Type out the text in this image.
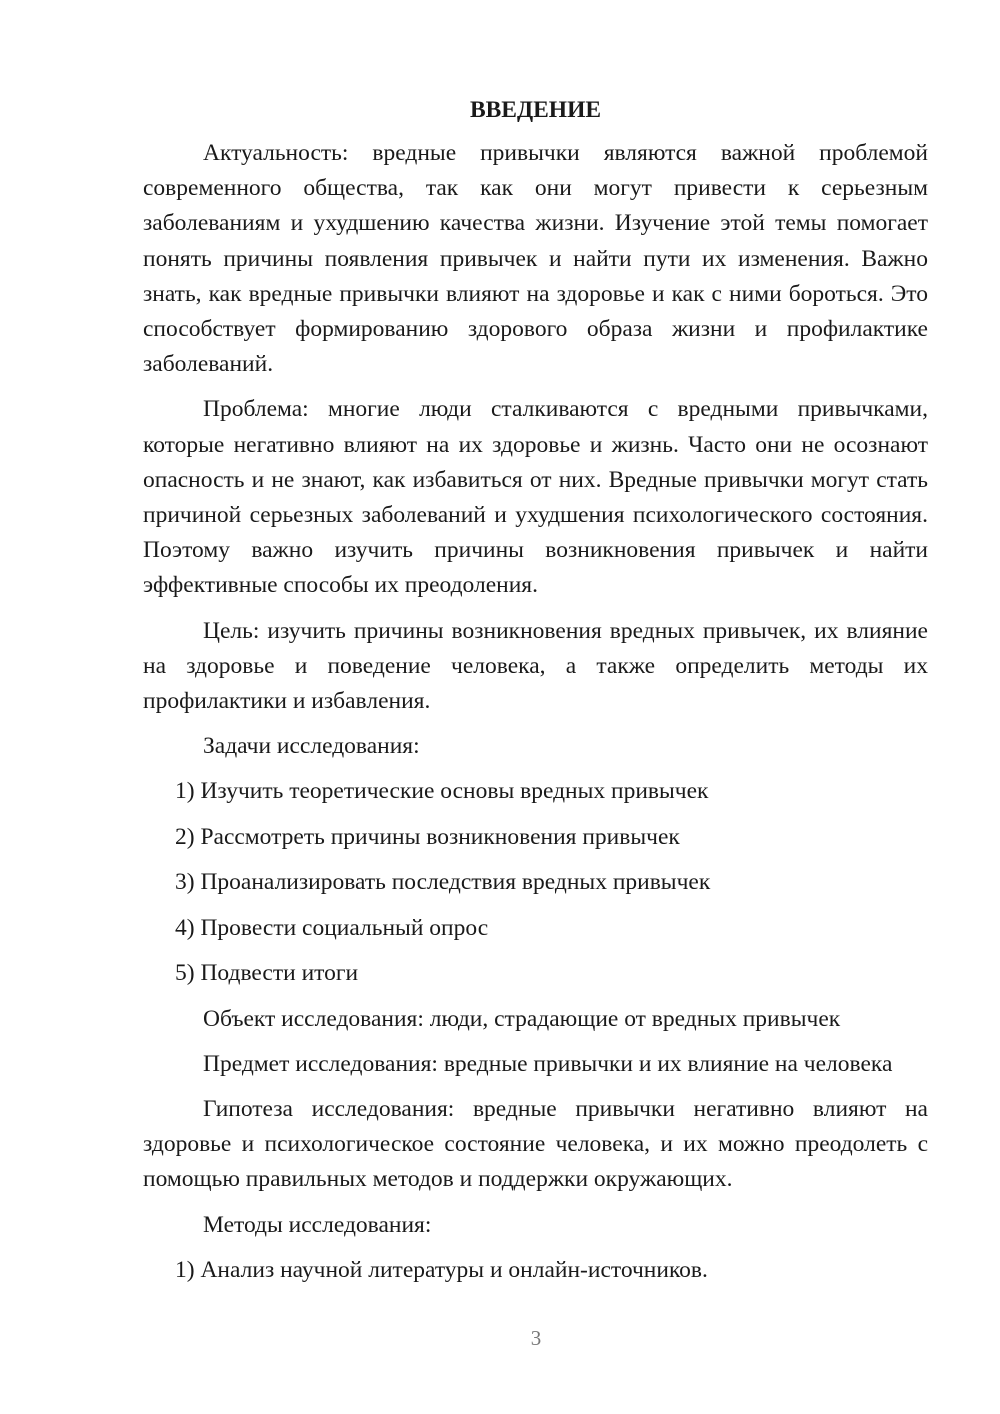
ВВЕДЕНИЕ

Актуальность: вредные привычки являются важной проблемой современного общества, так как они могут привести к серьезным заболеваниям и ухудшению качества жизни. Изучение этой темы помогает понять причины появления привычек и найти пути их изменения. Важно знать, как вредные привычки влияют на здоровье и как с ними бороться. Это способствует формированию здорового образа жизни и профилактике заболеваний.

Проблема: многие люди сталкиваются с вредными привычками, которые негативно влияют на их здоровье и жизнь. Часто они не осознают опасность и не знают, как избавиться от них. Вредные привычки могут стать причиной серьезных заболеваний и ухудшения психологического состояния. Поэтому важно изучить причины возникновения привычек и найти эффективные способы их преодоления.

Цель: изучить причины возникновения вредных привычек, их влияние на здоровье и поведение человека, а также определить методы их профилактики и избавления.

Задачи исследования:

1) Изучить теоретические основы вредных привычек
2) Рассмотреть причины возникновения привычек
3) Проанализировать последствия вредных привычек
4) Провести социальный опрос
5) Подвести итоги

Объект исследования: люди, страдающие от вредных привычек

Предмет исследования: вредные привычки и их влияние на человека

Гипотеза исследования: вредные привычки негативно влияют на здоровье и психологическое состояние человека, и их можно преодолеть с помощью правильных методов и поддержки окружающих.

Методы исследования:

1) Анализ научной литературы и онлайн-источников.
3
